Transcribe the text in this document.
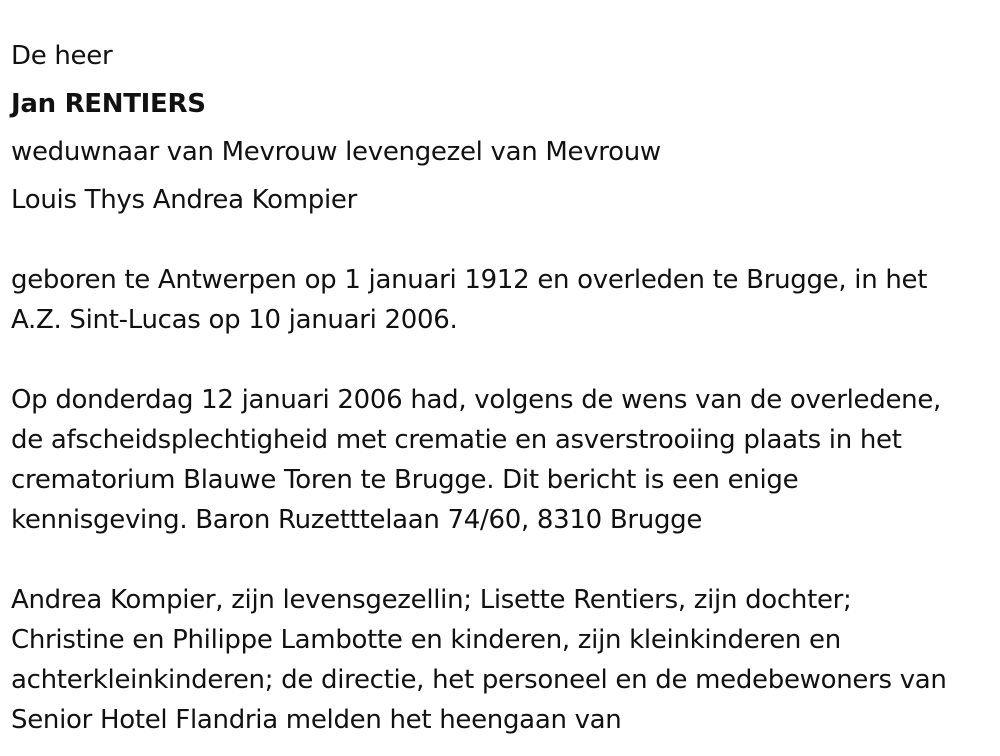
De heer
Jan RENTIERS
weduwnaar van Mevrouw levengezel van Mevrouw
Louis Thys Andrea Kompier
geboren te Antwerpen op 1 januari 1912 en overleden te Brugge, in het
A.Z. Sint-Lucas op 10 januari 2006.
Op donderdag 12 januari 2006 had, volgens de wens van de overledene,
de afscheidsplechtigheid met crematie en asverstrooiing plaats in het
crematorium Blauwe Toren te Brugge. Dit bericht is een enige
kennisgeving. Baron Ruzetttelaan 74/60, 8310 Brugge
Andrea Kompier, zijn levensgezellin; Lisette Rentiers, zijn dochter;
Christine en Philippe Lambotte en kinderen, zijn kleinkinderen en
achterkleinkinderen; de directie, het personeel en de medebewoners van
Senior Hotel Flandria melden het heengaan van
